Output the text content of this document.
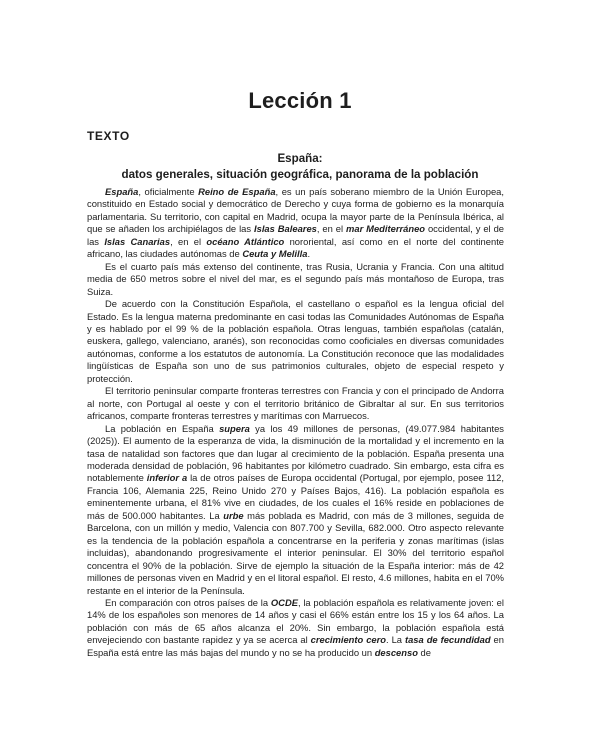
Lección 1
TEXTO
España:
datos generales, situación geográfica, panorama de la población

España, oficialmente Reino de España, es un país soberano miembro de la Unión Europea, constituido en Estado social y democrático de Derecho y cuya forma de gobierno es la monarquía parlamentaria. Su territorio, con capital en Madrid, ocupa la mayor parte de la Península Ibérica, al que se añaden los archipiélagos de las Islas Baleares, en el mar Mediterráneo occidental, y el de las Islas Canarias, en el océano Atlántico nororiental, así como en el norte del continente africano, las ciudades autónomas de Ceuta y Melilla.

Es el cuarto país más extenso del continente, tras Rusia, Ucrania y Francia. Con una altitud media de 650 metros sobre el nivel del mar, es el segundo país más montañoso de Europa, tras Suiza.

De acuerdo con la Constitución Española, el castellano o español es la lengua oficial del Estado. Es la lengua materna predominante en casi todas las Comunidades Autónomas de España y es hablado por el 99 % de la población española. Otras lenguas, también españolas (catalán, euskera, gallego, valenciano, aranés), son reconocidas como cooficiales en diversas comunidades autónomas, conforme a los estatutos de autonomía. La Constitución reconoce que las modalidades lingüísticas de España son uno de sus patrimonios culturales, objeto de especial respeto y protección.

El territorio peninsular comparte fronteras terrestres con Francia y con el principado de Andorra al norte, con Portugal al oeste y con el territorio británico de Gibraltar al sur. En sus territorios africanos, comparte fronteras terrestres y marítimas con Marruecos.

La población en España supera ya los 49 millones de personas, (49.077.984 habitantes (2025)). El aumento de la esperanza de vida, la disminución de la mortalidad y el incremento en la tasa de natalidad son factores que dan lugar al crecimiento de la población. España presenta una moderada densidad de población, 96 habitantes por kilómetro cuadrado. Sin embargo, esta cifra es notablemente inferior a la de otros países de Europa occidental (Portugal, por ejemplo, posee 112, Francia 106, Alemania 225, Reino Unido 270 y Países Bajos, 416). La población española es eminentemente urbana, el 81% vive en ciudades, de los cuales el 16% reside en poblaciones de más de 500.000 habitantes. La urbe más poblada es Madrid, con más de 3 millones, seguida de Barcelona, con un millón y medio, Valencia con 807.700 y Sevilla, 682.000. Otro aspecto relevante es la tendencia de la población española a concentrarse en la periferia y zonas marítimas (islas incluidas), abandonando progresivamente el interior peninsular. El 30% del territorio español concentra el 90% de la población. Sirve de ejemplo la situación de la España interior: más de 42 millones de personas viven en Madrid y en el litoral español. El resto, 4.6 millones, habita en el 70% restante en el interior de la Península.

En comparación con otros países de la OCDE, la población española es relativamente joven: el 14% de los españoles son menores de 14 años y casi el 66% están entre los 15 y los 64 años. La población con más de 65 años alcanza el 20%. Sin embargo, la población española está envejeciendo con bastante rapidez y ya se acerca al crecimiento cero. La tasa de fecundidad en España está entre las más bajas del mundo y no se ha producido un descenso de
